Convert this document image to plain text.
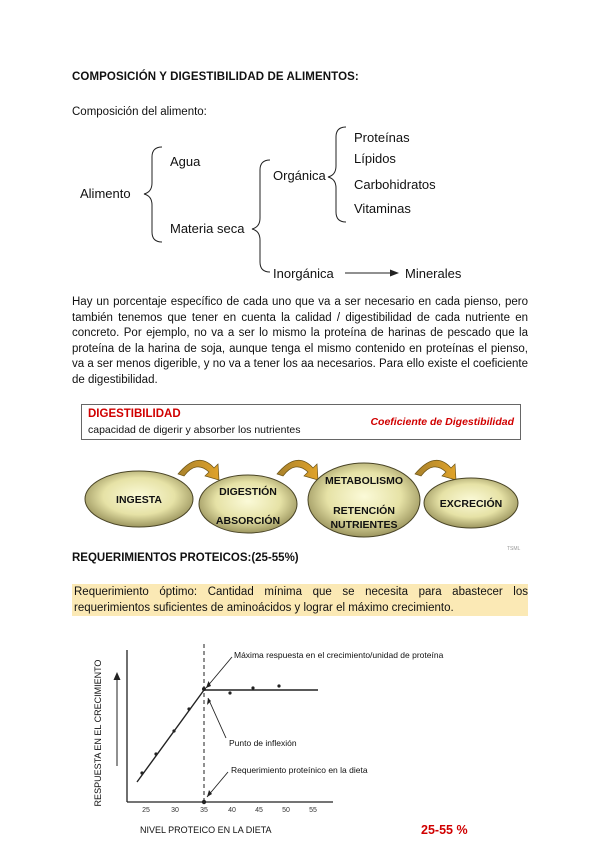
COMPOSICIÓN Y DIGESTIBILIDAD DE ALIMENTOS:
Composición del alimento:
Alimento
Agua
Materia seca
Orgánica
Inorgánica	Minerales
Proteínas
Lípidos
Carbohidratos
Vitaminas
Hay un porcentaje específico de cada uno que va a ser necesario en cada pienso, pero también tenemos que tener en cuenta la calidad / digestibilidad de cada nutriente en concreto. Por ejemplo, no va a ser lo mismo la proteína de harinas de pescado que la proteína de la harina de soja, aunque tenga el mismo contenido en proteínas el pienso, va a ser menos digerible, y no va a tener los aa necesarios. Para ello existe el coeficiente de digestibilidad.
DIGESTIBILIDAD
capacidad de digerir y absorber los nutrientes
Coeficiente de Digestibilidad
INGESTA
DIGESTIÓN
ABSORCIÓN
METABOLISMO
RETENCIÓN
NUTRIENTES
EXCRECIÓN
TSML
REQUERIMIENTOS PROTEICOS:(25-55%)
Requerimiento óptimo: Cantidad mínima que se necesita para abastecer los requerimientos suficientes de aminoácidos y lograr el máximo crecimiento.
25	30	35	40	45	50	55
Máxima respuesta en el crecimiento/unidad de proteína
Punto de inflexión
Requerimiento proteínico en la dieta
RESPUESTA EN EL CRECIMIENTO
NIVEL PROTEICO EN LA DIETA	25-55 %
